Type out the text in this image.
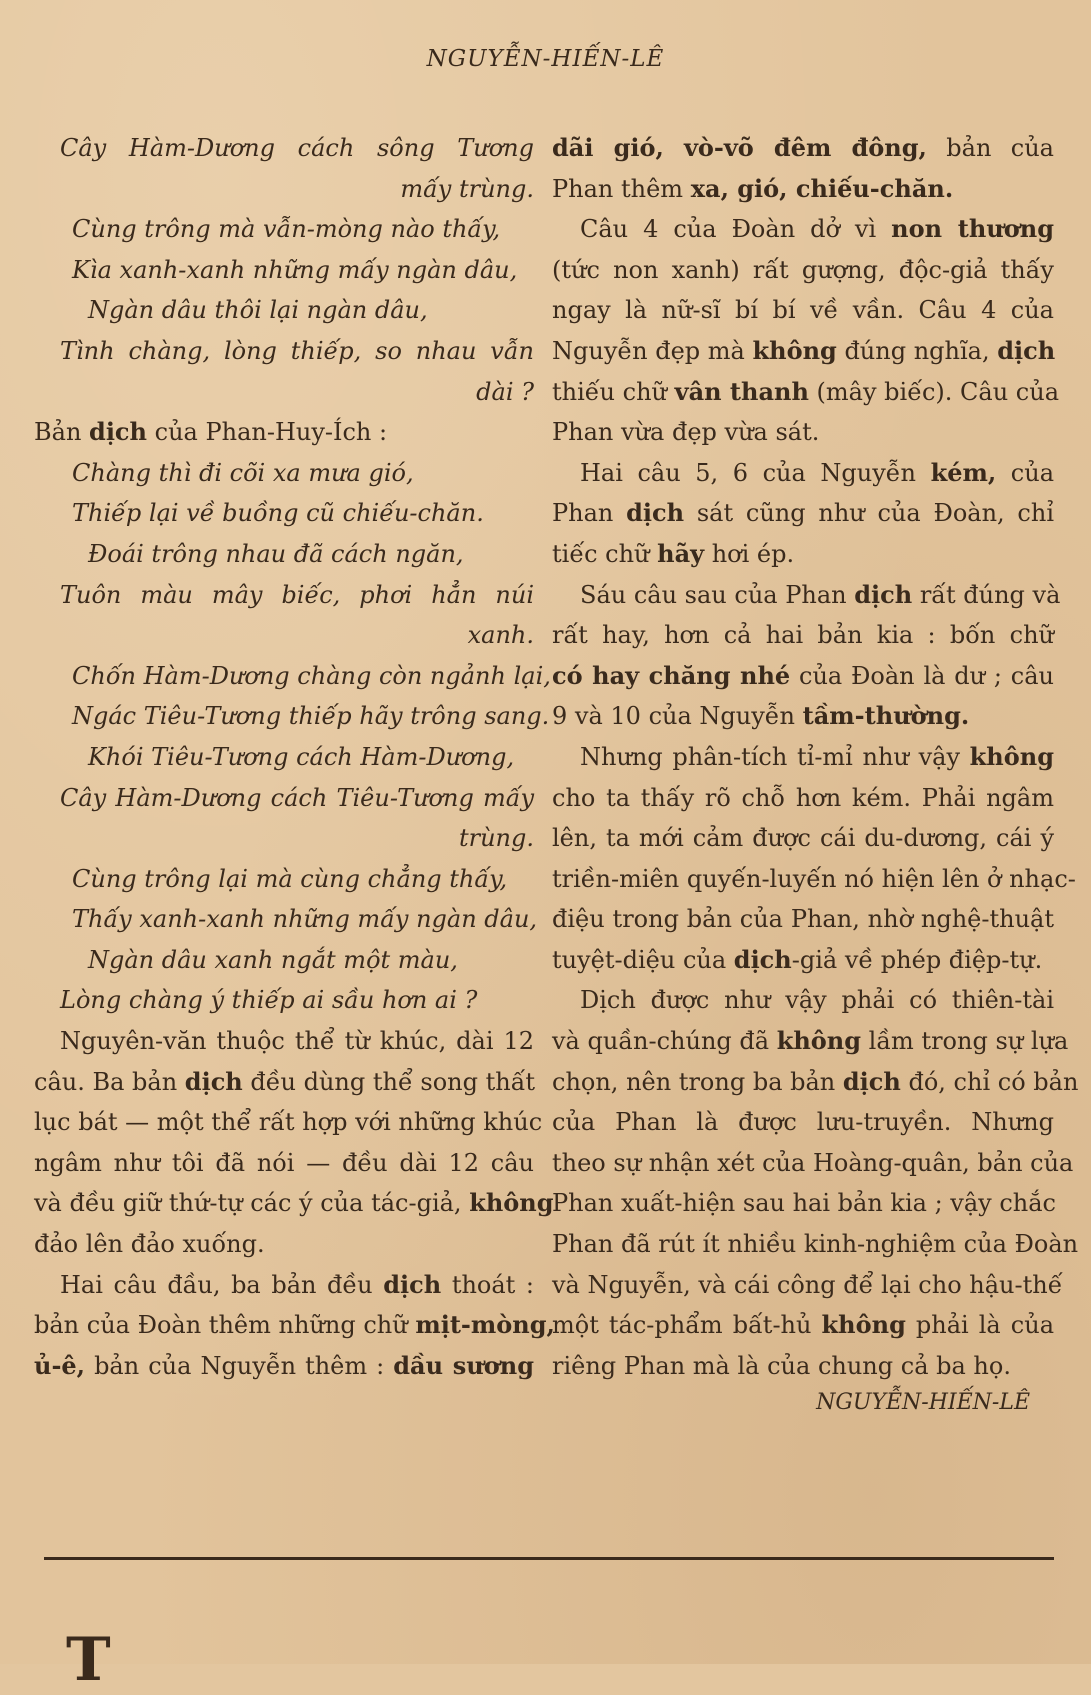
NGUYỄN-HIẾN-LÊ
Cây Hàm-Dương cách sông Tương
mấy trùng.
Cùng trông mà vẫn-mòng nào thấy,
Kìa xanh-xanh những mấy ngàn dâu,
Ngàn dâu thôi lại ngàn dâu,
Tình chàng, lòng thiếp, so nhau vẫn
dài ?
Bản dịch của Phan-Huy-Ích :
Chàng thì đi cõi xa mưa gió,
Thiếp lại về buồng cũ chiếu-chăn.
Đoái trông nhau đã cách ngăn,
Tuôn màu mây biếc, phơi hẳn núi
xanh.
Chốn Hàm-Dương chàng còn ngảnh lại,
Ngác Tiêu-Tương thiếp hãy trông sang.
Khói Tiêu-Tương cách Hàm-Dương,
Cây Hàm-Dương cách Tiêu-Tương mấy
trùng.
Cùng trông lại mà cùng chẳng thấy,
Thấy xanh-xanh những mấy ngàn dâu,
Ngàn dâu xanh ngắt một màu,
Lòng chàng ý thiếp ai sầu hơn ai ?
Nguyên-văn thuộc thể từ khúc, dài 12
câu. Ba bản dịch đều dùng thể song thất
lục bát — một thể rất hợp với những khúc
ngâm như tôi đã nói — đều dài 12 câu
và đều giữ thứ-tự các ý của tác-giả, không
đảo lên đảo xuống.
Hai câu đầu, ba bản đều dịch thoát :
bản của Đoàn thêm những chữ mịt-mòng,
ủ-ê, bản của Nguyễn thêm : dầu sương
dãi gió, vò-võ đêm đông, bản của
Phan thêm xa, gió, chiếu-chăn.
Câu 4 của Đoàn dở vì non thương
(tức non xanh) rất gượng, độc-giả thấy
ngay là nữ-sĩ bí bí về vần. Câu 4 của
Nguyễn đẹp mà không đúng nghĩa, dịch
thiếu chữ vân thanh (mây biếc). Câu của
Phan vừa đẹp vừa sát.
Hai câu 5, 6 của Nguyễn kém, của
Phan dịch sát cũng như của Đoàn, chỉ
tiếc chữ hãy hơi ép.
Sáu câu sau của Phan dịch rất đúng và
rất hay, hơn cả hai bản kia : bốn chữ
có hay chăng nhé của Đoàn là dư ; câu
9 và 10 của Nguyễn tầm-thường.
Nhưng phân-tích tỉ-mỉ như vậy không
cho ta thấy rõ chỗ hơn kém. Phải ngâm
lên, ta mới cảm được cái du-dương, cái ý
triền-miên quyến-luyến nó hiện lên ở nhạc-
điệu trong bản của Phan, nhờ nghệ-thuật
tuyệt-diệu của dịch-giả về phép điệp-tự.
Dịch được như vậy phải có thiên-tài
và quần-chúng đã không lầm trong sự lựa
chọn, nên trong ba bản dịch đó, chỉ có bản
của Phan là được lưu-truyền. Nhưng
theo sự nhận xét của Hoàng-quân, bản của
Phan xuất-hiện sau hai bản kia ; vậy chắc
Phan đã rút ít nhiều kinh-nghiệm của Đoàn
và Nguyễn, và cái công để lại cho hậu-thế
một tác-phẩm bất-hủ không phải là của
riêng Phan mà là của chung cả ba họ.
NGUYỄN-HIẾN-LÊ
T
